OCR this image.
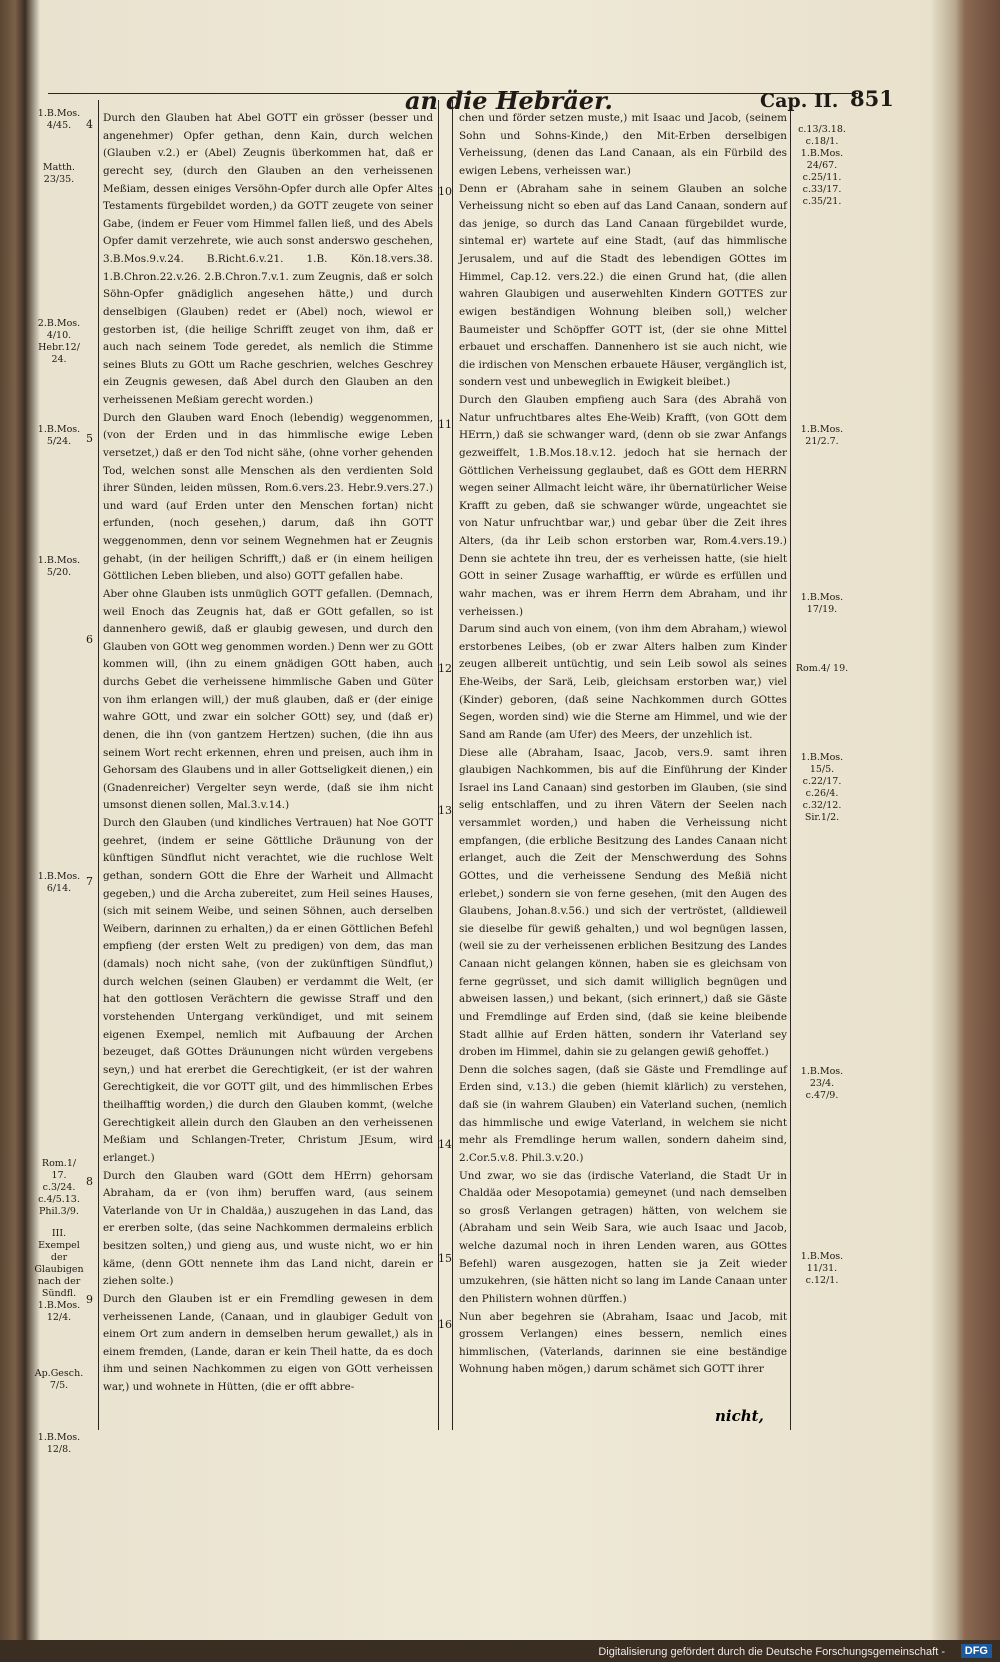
an die Hebräer.	Cap. II. 851
1.B.Mos. 4/45.
Matth. 23/35.
2.B.Mos. 4/10. Hebr.12/ 24.
1.B.Mos. 5/24.
1.B.Mos. 5/20.
1.B.Mos. 6/14.
Rom.1/ 17. c.3/24. c.4/5.13. Phil.3/9.
III. Exempel der Glaubigen nach der Sündfl.
1.B.Mos. 12/4.
Ap.Gesch. 7/5.
1.B.Mos. 12/8.
c.13/3.18. c.18/1. 1.B.Mos. 24/67. c.25/11. c.33/17. c.35/21.
1.B.Mos. 21/2.7.
1.B.Mos. 17/19.
Rom.4/ 19.
1.B.Mos. 15/5. c.22/17. c.26/4. c.32/12. Sir.1/2.
1.B.Mos. 23/4. c.47/9.
1.B.Mos. 11/31. c.12/1.
4
5
6
7
8
9
10
11
12
13
14
15
16

Durch den Glauben hat Abel GOTT ein grösser (besser und angenehmer) Opfer gethan, denn Kain, durch welchen (Glauben v.2.) er (Abel) Zeugnis überkommen hat, daß er gerecht sey, (durch den Glauben an den verheissenen Meßiam, dessen einiges Versöhn-Opfer durch alle Opfer Altes Testaments fürgebildet worden,) da GOTT zeugete von seiner Gabe, (indem er Feuer vom Himmel fallen ließ, und des Abels Opfer damit verzehrete, wie auch sonst anderswo geschehen, 3.B.Mos.9.v.24. B.Richt.6.v.21. 1.B. Kön.18.vers.38. 1.B.Chron.22.v.26. 2.B.Chron.7.v.1. zum Zeugnis, daß er solch Söhn-Opfer gnädiglich angesehen hätte,) und durch denselbigen (Glauben) redet er (Abel) noch, wiewol er gestorben ist, (die heilige Schrifft zeuget von ihm, daß er auch nach seinem Tode geredet, als nemlich die Stimme seines Bluts zu GOtt um Rache geschrien, welches Geschrey ein Zeugnis gewesen, daß Abel durch den Glauben an den verheissenen Meßiam gerecht worden.)

Durch den Glauben ward Enoch (lebendig) weggenommen, (von der Erden und in das himmlische ewige Leben versetzet,) daß er den Tod nicht sähe, (ohne vorher gehenden Tod, welchen sonst alle Menschen als den verdienten Sold ihrer Sünden, leiden müssen, Rom.6.vers.23. Hebr.9.vers.27.) und ward (auf Erden unter den Menschen fortan) nicht erfunden, (noch gesehen,) darum, daß ihn GOTT weggenommen, denn vor seinem Wegnehmen hat er Zeugnis gehabt, (in der heiligen Schrifft,) daß er (in einem heiligen Göttlichen Leben blieben, und also) GOTT gefallen habe.

Aber ohne Glauben ists unmüglich GOTT gefallen. (Demnach, weil Enoch das Zeugnis hat, daß er GOtt gefallen, so ist dannenhero gewiß, daß er glaubig gewesen, und durch den Glauben von GOtt weg genommen worden.) Denn wer zu GOtt kommen will, (ihn zu einem gnädigen GOtt haben, auch durchs Gebet die verheissene himmlische Gaben und Güter von ihm erlangen will,) der muß glauben, daß er (der einige wahre GOtt, und zwar ein solcher GOtt) sey, und (daß er) denen, die ihn (von gantzem Hertzen) suchen, (die ihn aus seinem Wort recht erkennen, ehren und preisen, auch ihm in Gehorsam des Glaubens und in aller Gottseligkeit dienen,) ein (Gnadenreicher) Vergelter seyn werde, (daß sie ihm nicht umsonst dienen sollen, Mal.3.v.14.)

Durch den Glauben (und kindliches Vertrauen) hat Noe GOTT geehret, (indem er seine Göttliche Dräunung von der künftigen Sündflut nicht verachtet, wie die ruchlose Welt gethan, sondern GOtt die Ehre der Warheit und Allmacht gegeben,) und die Archa zubereitet, zum Heil seines Hauses, (sich mit seinem Weibe, und seinen Söhnen, auch derselben Weibern, darinnen zu erhalten,) da er einen Göttlichen Befehl empfieng (der ersten Welt zu predigen) von dem, das man (damals) noch nicht sahe, (von der zukünftigen Sündflut,) durch welchen (seinen Glauben) er verdammt die Welt, (er hat den gottlosen Verächtern die gewisse Straff und den vorstehenden Untergang verkündiget, und mit seinem eigenen Exempel, nemlich mit Aufbauung der Archen bezeuget, daß GOttes Dräunungen nicht würden vergebens seyn,) und hat ererbet die Gerechtigkeit, (er ist der wahren Gerechtigkeit, die vor GOTT gilt, und des himmlischen Erbes theilhafftig worden,) die durch den Glauben kommt, (welche Gerechtigkeit allein durch den Glauben an den verheissenen Meßiam und Schlangen-Treter, Christum JEsum, wird erlanget.)

Durch den Glauben ward (GOtt dem HErrn) gehorsam Abraham, da er (von ihm) beruffen ward, (aus seinem Vaterlande von Ur in Chaldäa,) auszugehen in das Land, das er ererben solte, (das seine Nachkommen dermaleins erblich besitzen solten,) und gieng aus, und wuste nicht, wo er hin käme, (denn GOtt nennete ihm das Land nicht, darein er ziehen solte.)

Durch den Glauben ist er ein Fremdling gewesen in dem verheissenen Lande, (Canaan, und in glaubiger Gedult von einem Ort zum andern in demselben herum gewallet,) als in einem fremden, (Lande, daran er kein Theil hatte, da es doch ihm und seinen Nachkommen zu eigen von GOtt verheissen war,) und wohnete in Hütten, (die er offt abbre-

chen und förder setzen muste,) mit Isaac und Jacob, (seinem Sohn und Sohns-Kinde,) den Mit-Erben derselbigen Verheissung, (denen das Land Canaan, als ein Fürbild des ewigen Lebens, verheissen war.)

Denn er (Abraham sahe in seinem Glauben an solche Verheissung nicht so eben auf das Land Canaan, sondern auf das jenige, so durch das Land Canaan fürgebildet wurde, sintemal er) wartete auf eine Stadt, (auf das himmlische Jerusalem, und auf die Stadt des lebendigen GOttes im Himmel, Cap.12. vers.22.) die einen Grund hat, (die allen wahren Glaubigen und auserwehlten Kindern GOTTES zur ewigen beständigen Wohnung bleiben soll,) welcher Baumeister und Schöpffer GOTT ist, (der sie ohne Mittel erbauet und erschaffen. Dannenhero ist sie auch nicht, wie die irdischen von Menschen erbauete Häuser, vergänglich ist, sondern vest und unbeweglich in Ewigkeit bleibet.)

Durch den Glauben empfieng auch Sara (des Abrahä von Natur unfruchtbares altes Ehe-Weib) Krafft, (von GOtt dem HErrn,) daß sie schwanger ward, (denn ob sie zwar Anfangs gezweiffelt, 1.B.Mos.18.v.12. jedoch hat sie hernach der Göttlichen Verheissung geglaubet, daß es GOtt dem HERRN wegen seiner Allmacht leicht wäre, ihr übernatürlicher Weise Krafft zu geben, daß sie schwanger würde, ungeachtet sie von Natur unfruchtbar war,) und gebar über die Zeit ihres Alters, (da ihr Leib schon erstorben war, Rom.4.vers.19.) Denn sie achtete ihn treu, der es verheissen hatte, (sie hielt GOtt in seiner Zusage warhafftig, er würde es erfüllen und wahr machen, was er ihrem Herrn dem Abraham, und ihr verheissen.)

Darum sind auch von einem, (von ihm dem Abraham,) wiewol erstorbenes Leibes, (ob er zwar Alters halben zum Kinder zeugen allbereit untüchtig, und sein Leib sowol als seines Ehe-Weibs, der Sarä, Leib, gleichsam erstorben war,) viel (Kinder) geboren, (daß seine Nachkommen durch GOttes Segen, worden sind) wie die Sterne am Himmel, und wie der Sand am Rande (am Ufer) des Meers, der unzehlich ist.

Diese alle (Abraham, Isaac, Jacob, vers.9. samt ihren glaubigen Nachkommen, bis auf die Einführung der Kinder Israel ins Land Canaan) sind gestorben im Glauben, (sie sind selig entschlaffen, und zu ihren Vätern der Seelen nach versammlet worden,) und haben die Verheissung nicht empfangen, (die erbliche Besitzung des Landes Canaan nicht erlanget, auch die Zeit der Menschwerdung des Sohns GOttes, und die verheissene Sendung des Meßiä nicht erlebet,) sondern sie von ferne gesehen, (mit den Augen des Glaubens, Johan.8.v.56.) und sich der vertröstet, (alldieweil sie dieselbe für gewiß gehalten,) und wol begnügen lassen, (weil sie zu der verheissenen erblichen Besitzung des Landes Canaan nicht gelangen können, haben sie es gleichsam von ferne gegrüsset, und sich damit williglich begnügen und abweisen lassen,) und bekant, (sich erinnert,) daß sie Gäste und Fremdlinge auf Erden sind, (daß sie keine bleibende Stadt allhie auf Erden hätten, sondern ihr Vaterland sey droben im Himmel, dahin sie zu gelangen gewiß gehoffet.)

Denn die solches sagen, (daß sie Gäste und Fremdlinge auf Erden sind, v.13.) die geben (hiemit klärlich) zu verstehen, daß sie (in wahrem Glauben) ein Vaterland suchen, (nemlich das himmlische und ewige Vaterland, in welchem sie nicht mehr als Fremdlinge herum wallen, sondern daheim sind, 2.Cor.5.v.8. Phil.3.v.20.)

Und zwar, wo sie das (irdische Vaterland, die Stadt Ur in Chaldäa oder Mesopotamia) gemeynet (und nach demselben so grosß Verlangen getragen) hätten, von welchem sie (Abraham und sein Weib Sara, wie auch Isaac und Jacob, welche dazumal noch in ihren Lenden waren, aus GOttes Befehl) waren ausgezogen, hatten sie ja Zeit wieder umzukehren, (sie hätten nicht so lang im Lande Canaan unter den Philistern wohnen dürffen.)

Nun aber begehren sie (Abraham, Isaac und Jacob, mit grossem Verlangen) eines bessern, nemlich eines himmlischen, (Vaterlands, darinnen sie eine beständige Wohnung haben mögen,) darum schämet sich GOTT ihrer

nicht,
Digitalisierung gefördert durch die Deutsche Forschungsgemeinschaft -	DFG
